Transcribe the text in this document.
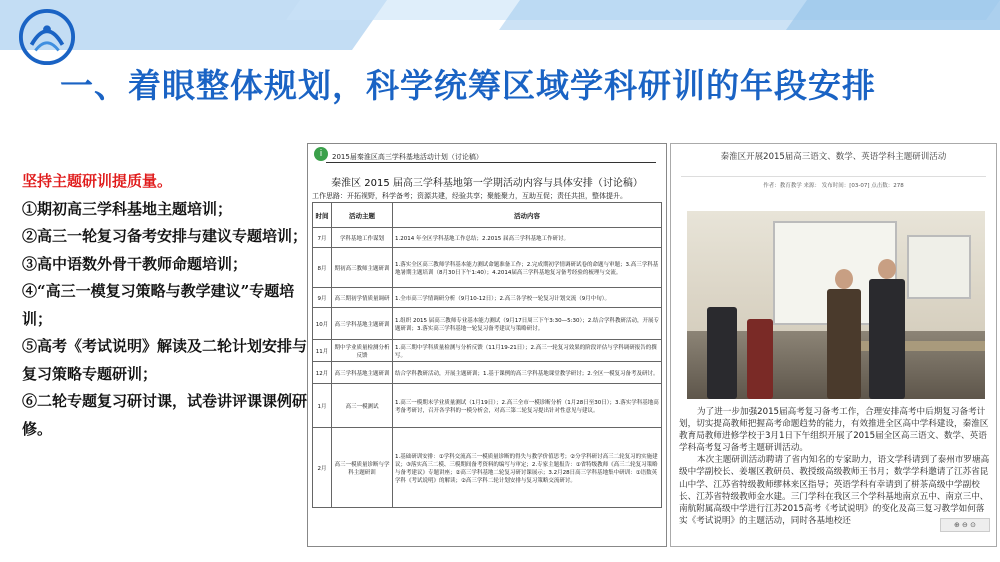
一、着眼整体规划，科学统筹区域学科研训的年段安排
坚持主题研训提质量。
①期初高三学科基地主题培训；
②高三一轮复习备考安排与建议专题培训；
③高中语数外骨干教师命题培训；
④“高三一模复习策略与教学建议”专题培训；
⑤高考《考试说明》解读及二轮计划安排与复习策略专题研训；
⑥二轮专题复习研讨课，试卷讲评课课例研修。
i	2015届秦淮区高三学科基地活动计划（讨论稿）
秦淮区 2015 届高三学科基地第一学期活动内容与具体安排（讨论稿）
工作思路：开拓视野，科学备考；资源共建，经验共享；聚能聚力，互助互促；责任共担，整体提升。
时间	活动主题	活动内容
7月	学科基地工作谋划	1.2014 年全区学科基地工作总结；2.2015 届高三学科基地工作研讨。
8月	期初高三教师主题研训	1.落实全区高三教师学科基本能力测试命题准备工作；2.完成期初学情调研试卷的命题与审题；3.高三学科基地暑期主题培训（8月30日下午1:40）；4.2014届高三学科基地复习备考经验的梳理与交流。
9月	高三期初学情质量调研	1.全市高三学情调研分析（9月10-12日）；2.高三各学校一轮复习计划交流（9月中旬）。
10月	高三学科基地主题研训	1.组织 2015 届高三教师专业基本能力测试（9月17日周三下午3:30—5:30）；2.结合学科教研活动，开展专题研训；3.落实高三学科基地一轮复习备考建议与策略研讨。
11月	期中学业质量检测分析反馈	1.高三期中学科质量检测与分析反馈（11月19-21日）；2.高三一轮复习效果的阶段评估与学科调研报告的撰写。
12月	高三学科基地主题研训	结合学科教研活动，开展主题研训；1.基于课例的高三学科基地课堂教学研讨；2.全区一模复习备考及研讨。
1月	高三一模测试	1.高三一模期末学业质量测试（1月19日）；2.高三全市一模诊断分析（1月28日至30日）；3.落实学科基地高考备考研讨，召开各学科的一模分析会，对高三第二轮复习提出针对性意见与建议。
2月	高三一模质量诊断与学科主题研训	1.基础研训安排：①学科交流高三一模质量诊断的得失与教学价值思考；②分学科研讨高三二轮复习的实施建议；③落实高三二模、三模期间备考资料的编写与审定；2.专家主题报告：①省特级教师《高三二轮复习策略与备考建议》专题讲座；②高三学科基地二轮复习研讨课展示；3.2月28日高三学科基地集中研训：①语数英学科《考试说明》的解读；②高三学科二轮计划安排与复习策略交流研讨。
秦淮区开展2015届高三语文、数学、英语学科主题研训活动
作者：教育教学 来源： 发布时间：[03-07] 点击数：278

为了进一步加强2015届高考复习备考工作，合理安排高考中后期复习备考计划，切实提高教师把握高考命题趋势的能力，有效推进全区高中学科建设，秦淮区教育局教师进修学校于3月1日下午组织开展了2015届全区高三语文、数学、英语学科高考复习备考主题研训活动。

本次主题研训活动聘请了省内知名的专家助力，语文学科请到了泰州市罗塘高级中学副校长、姜堰区教研员、教授级高级教师王书月；数学学科邀请了江苏省昆山中学、江苏省特级教师缪林来区指导；英语学科有幸请到了栟茶高级中学副校长、江苏省特级教师金水建。三门学科在我区三个学科基地南京五中、南京三中、南航附属高级中学进行江苏2015高考《考试说明》的变化及高三复习教学如何落实《考试说明》的主题活动，同时各基地校还	⊕ ⊖ ⊙
